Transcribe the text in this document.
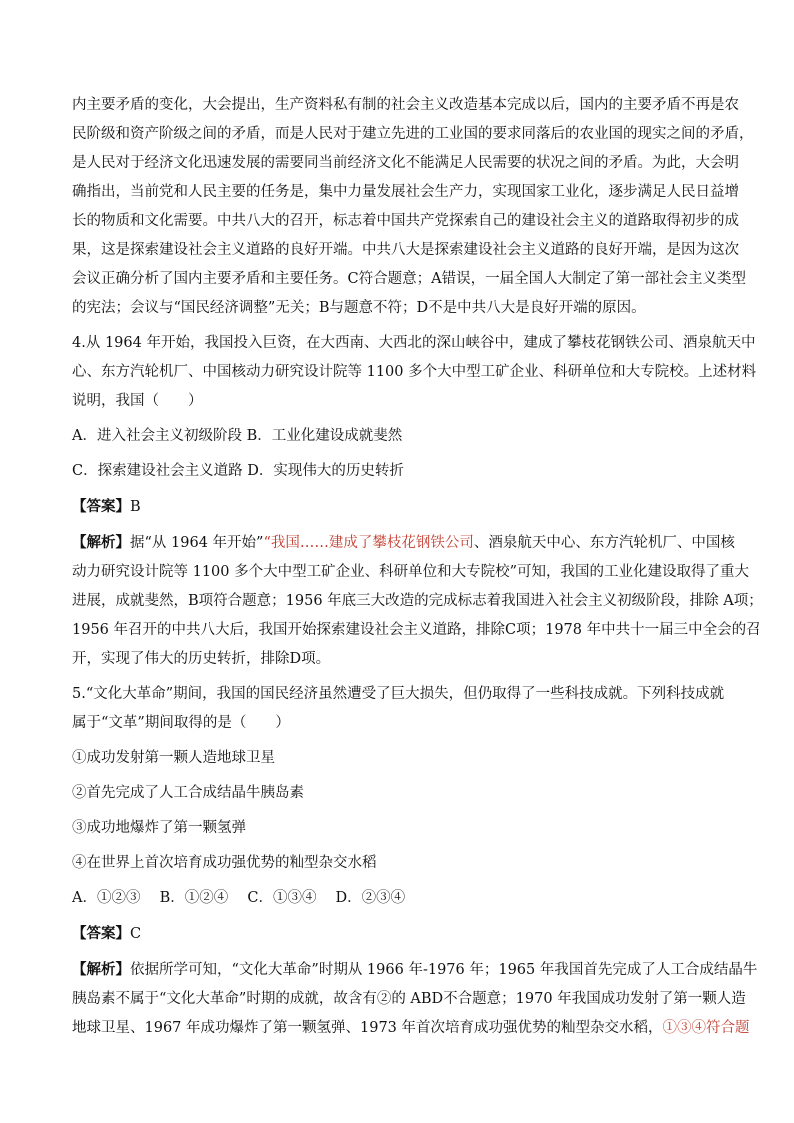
内主要矛盾的变化，大会提出，生产资料私有制的社会主义改造基本完成以后，国内的主要矛盾不再是农
民阶级和资产阶级之间的矛盾，而是人民对于建立先进的工业国的要求同落后的农业国的现实之间的矛盾，
是人民对于经济文化迅速发展的需要同当前经济文化不能满足人民需要的状况之间的矛盾。为此，大会明
确指出，当前党和人民主要的任务是，集中力量发展社会生产力，实现国家工业化，逐步满足人民日益增
长的物质和文化需要。中共八大的召开，标志着中国共产党探索自己的建设社会主义的道路取得初步的成
果，这是探索建设社会主义道路的良好开端。中共八大是探索建设社会主义道路的良好开端，是因为这次
会议正确分析了国内主要矛盾和主要任务。C符合题意；A错误，一届全国人大制定了第一部社会主义类型
的宪法；会议与“国民经济调整”无关；B与题意不符；D不是中共八大是良好开端的原因。
4.从 1964 年开始，我国投入巨资，在大西南、大西北的深山峡谷中，建成了攀枝花钢铁公司、酒泉航天中
心、东方汽轮机厂、中国核动力研究设计院等 1100 多个大中型工矿企业、科研单位和大专院校。上述材料
说明，我国（　　）
A．进入社会主义初级阶段 B．工业化建设成就斐然
C．探索建设社会主义道路 D．实现伟大的历史转折
【答案】B
【解析】据“从 1964 年开始”“我国……建成了攀枝花钢铁公司、酒泉航天中心、东方汽轮机厂、中国核
动力研究设计院等 1100 多个大中型工矿企业、科研单位和大专院校”可知，我国的工业化建设取得了重大
进展，成就斐然，B项符合题意；1956 年底三大改造的完成标志着我国进入社会主义初级阶段，排除 A项；
1956 年召开的中共八大后，我国开始探索建设社会主义道路，排除C项；1978 年中共十一届三中全会的召
开，实现了伟大的历史转折，排除D项。
5.“文化大革命”期间，我国的国民经济虽然遭受了巨大损失，但仍取得了一些科技成就。下列科技成就
属于“文革”期间取得的是（　　）
①成功发射第一颗人造地球卫星
②首先完成了人工合成结晶牛胰岛素
③成功地爆炸了第一颗氢弹
④在世界上首次培育成功强优势的籼型杂交水稻
A．①②③　 B．①②④　 C．①③④　 D．②③④
【答案】C
【解析】依据所学可知，“文化大革命”时期从 1966 年-1976 年；1965 年我国首先完成了人工合成结晶牛
胰岛素不属于“文化大革命”时期的成就，故含有②的 ABD不合题意；1970 年我国成功发射了第一颗人造
地球卫星、1967 年成功爆炸了第一颗氢弹、1973 年首次培育成功强优势的籼型杂交水稻，①③④符合题
